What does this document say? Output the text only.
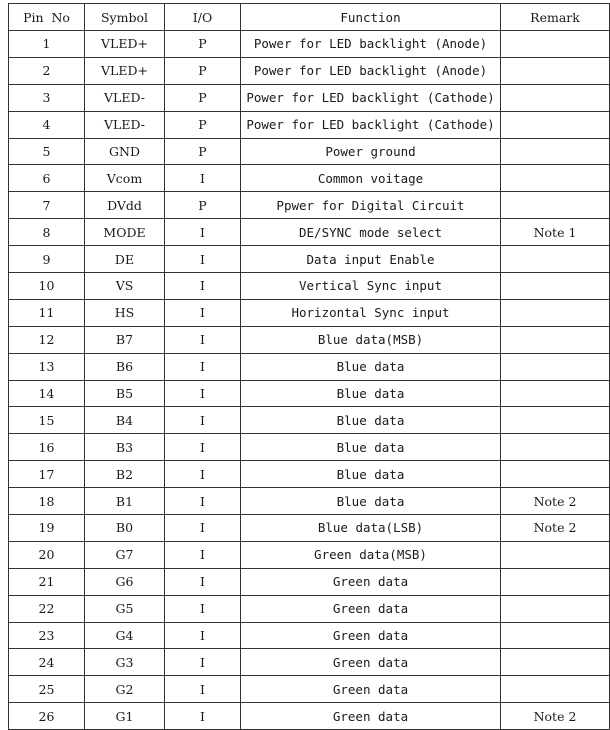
Pin  No	Symbol	I/O	Function	Remark
1	VLED+	P	Power for LED backlight (Anode)	
2	VLED+	P	Power for LED backlight (Anode)	
3	VLED-	P	Power for LED backlight (Cathode)	
4	VLED-	P	Power for LED backlight (Cathode)	
5	GND	P	Power ground	
6	Vcom	I	Common voitage	
7	DVdd	P	Ppwer for Digital Circuit	
8	MODE	I	DE/SYNC mode select	Note 1
9	DE	I	Data input Enable	
10	VS	I	Vertical Sync input	
11	HS	I	Horizontal Sync input	
12	B7	I	Blue data(MSB)	
13	B6	I	Blue data	
14	B5	I	Blue data	
15	B4	I	Blue data	
16	B3	I	Blue data	
17	B2	I	Blue data	
18	B1	I	Blue data	Note 2
19	B0	I	Blue data(LSB)	Note 2
20	G7	I	Green data(MSB)	
21	G6	I	Green data	
22	G5	I	Green data	
23	G4	I	Green data	
24	G3	I	Green data	
25	G2	I	Green data	
26	G1	I	Green data	Note 2
